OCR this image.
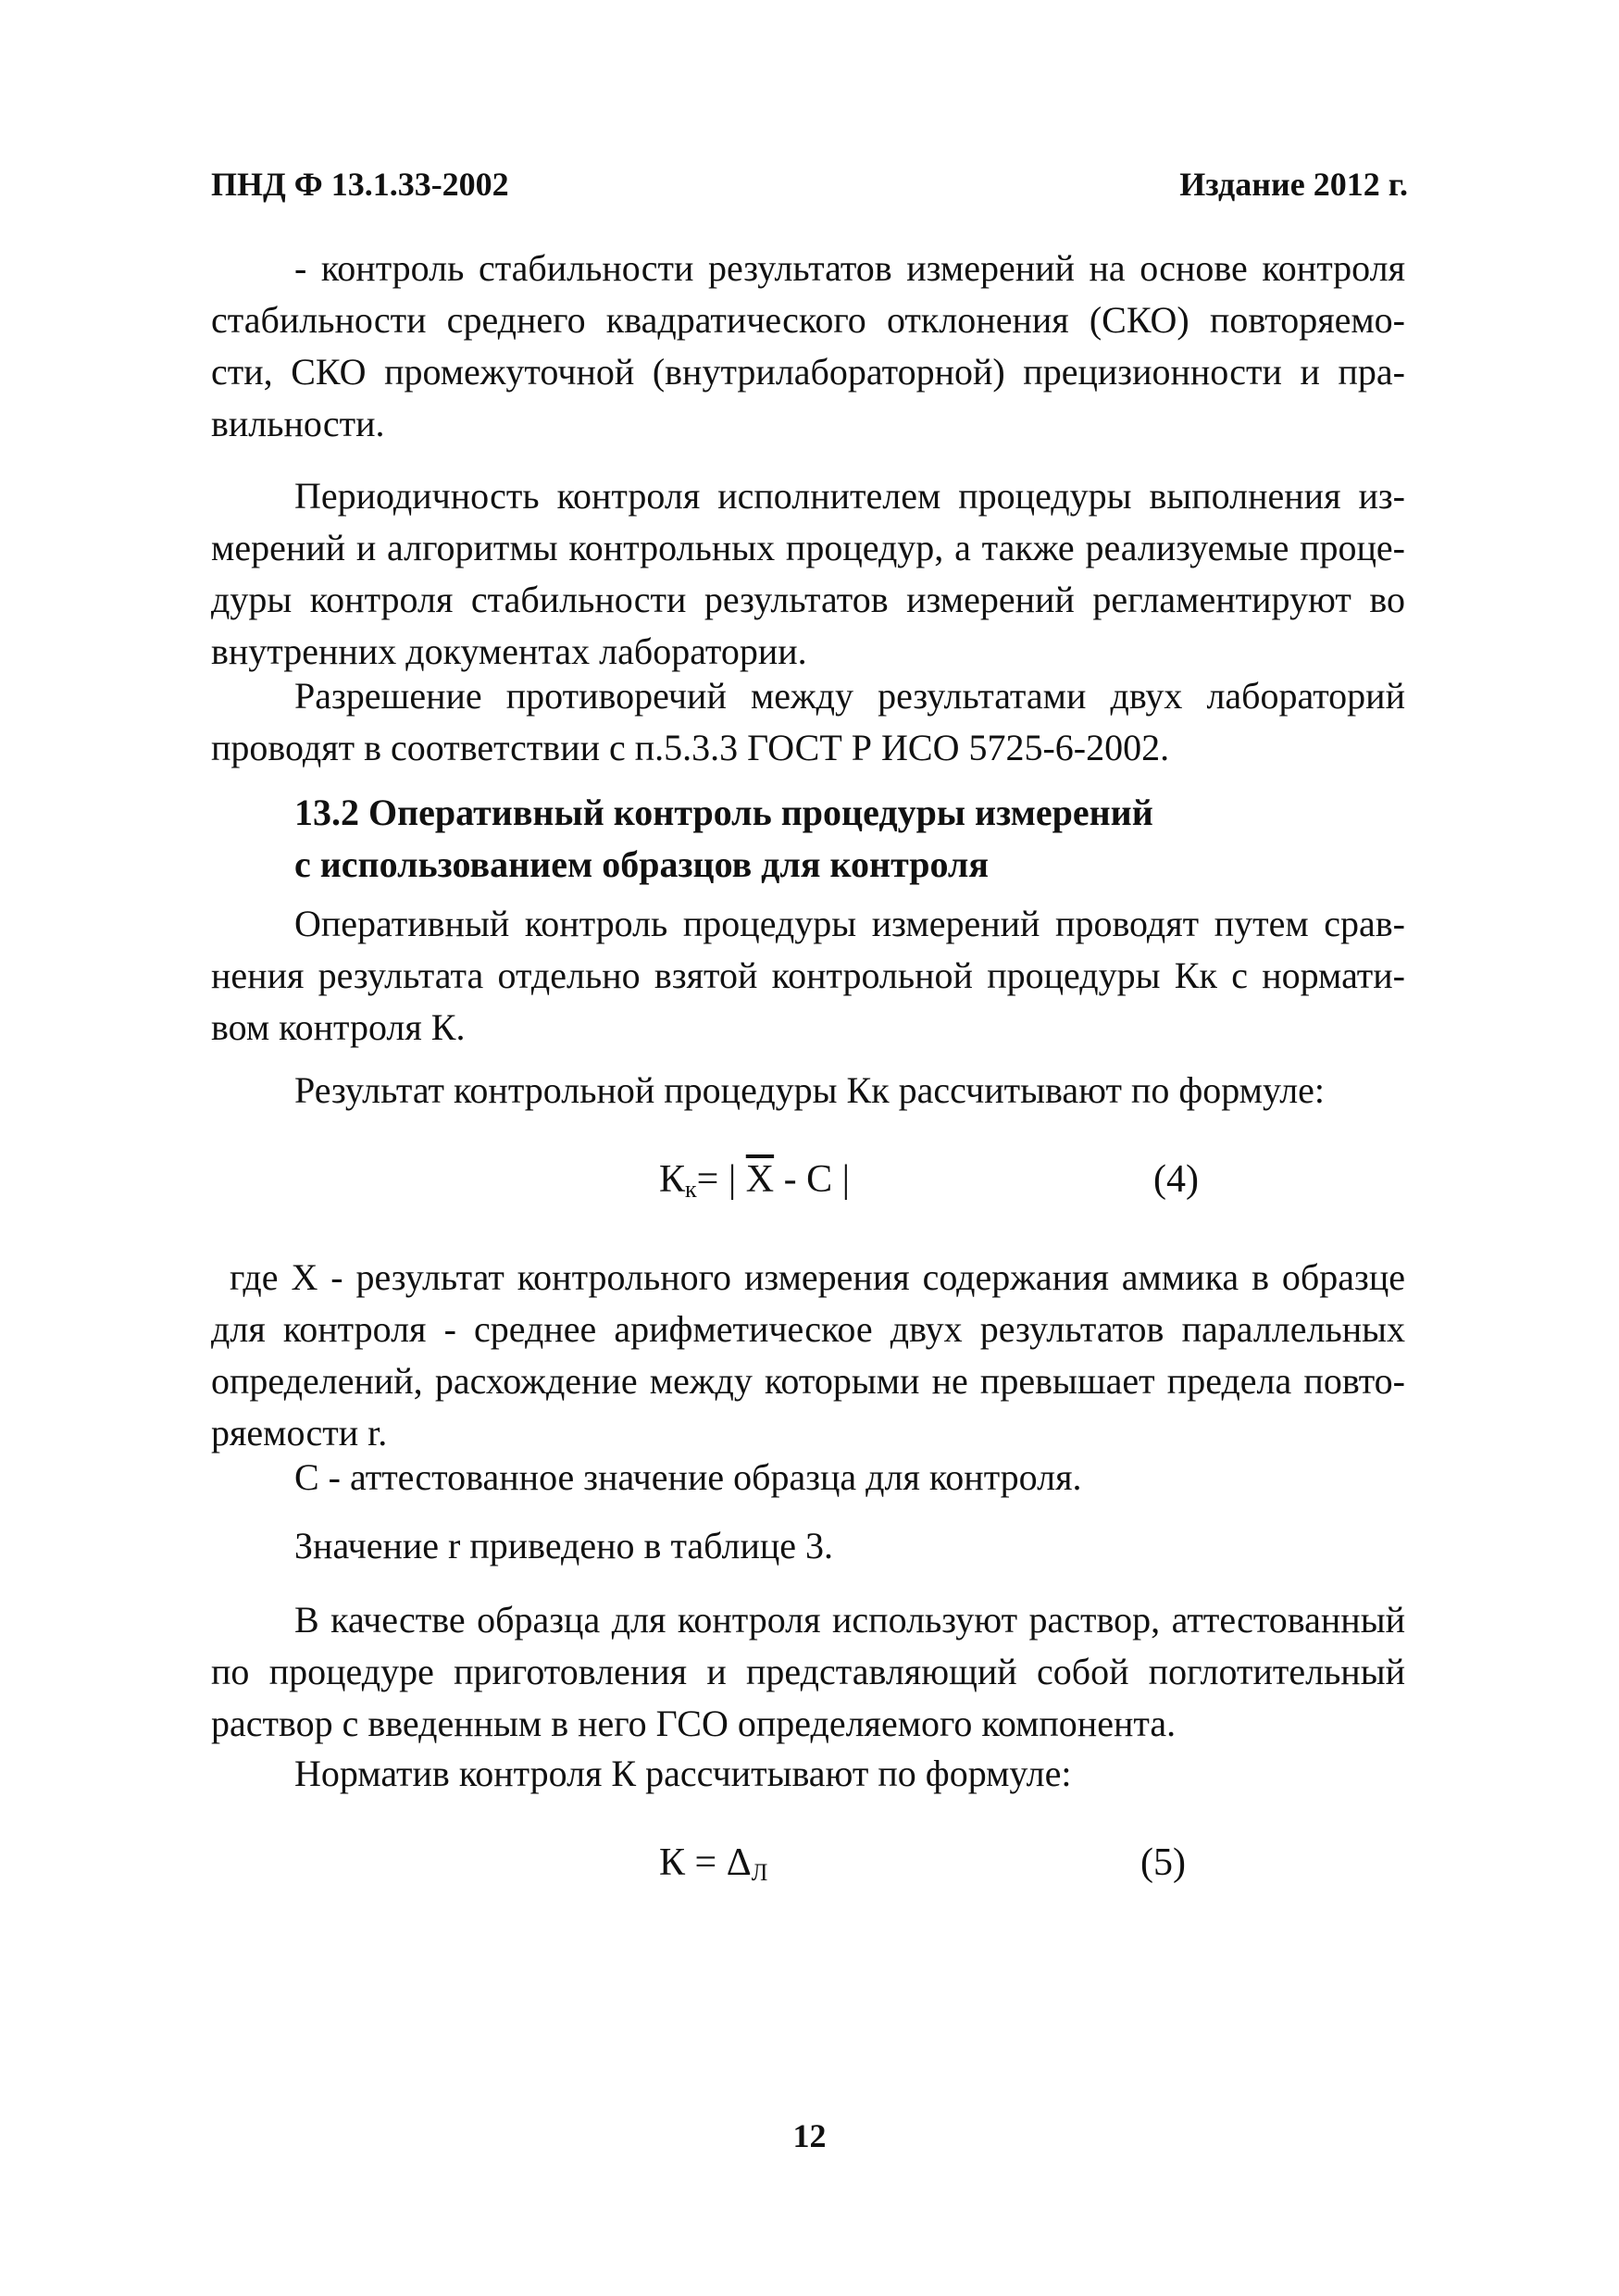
ПНД Ф 13.1.33-2002	Издание 2012 г.
- контроль стабильности результатов измерений на основе контроля
стабильности среднего квадратического отклонения (СКО) повторяемо-
сти, СКО промежуточной (внутрилабораторной) прецизионности и пра-
вильности.
Периодичность контроля исполнителем процедуры выполнения из-
мерений и алгоритмы контрольных процедур, а также реализуемые проце-
дуры контроля стабильности результатов измерений регламентируют во
внутренних документах лаборатории.
Разрешение противоречий между результатами двух лабораторий
проводят в соответствии с п.5.3.3 ГОСТ Р ИСО 5725-6-2002.
13.2 Оперативный контроль процедуры измерений
с использованием образцов для контроля
Оперативный контроль процедуры измерений проводят путем срав-
нения результата отдельно взятой контрольной процедуры Кк с нормати-
вом контроля К.
Результат контрольной процедуры Кк рассчитывают по формуле:
$К_к=$ | $\overline{X}$ - С |	(4)
где X - результат контрольного измерения содержания аммика в образце
для контроля - среднее арифметическое двух результатов параллельных
определений, расхождение между которыми не превышает предела повто-
ряемости r.
С - аттестованное значение образца для контроля.
Значение r приведено в таблице 3.
В качестве образца для контроля используют раствор, аттестованный
по процедуре приготовления и представляющий собой поглотительный
раствор с введенным в него ГСО определяемого компонента.
Норматив контроля К рассчитывают по формуле:
$К = \Delta_Л$	(5)
12
